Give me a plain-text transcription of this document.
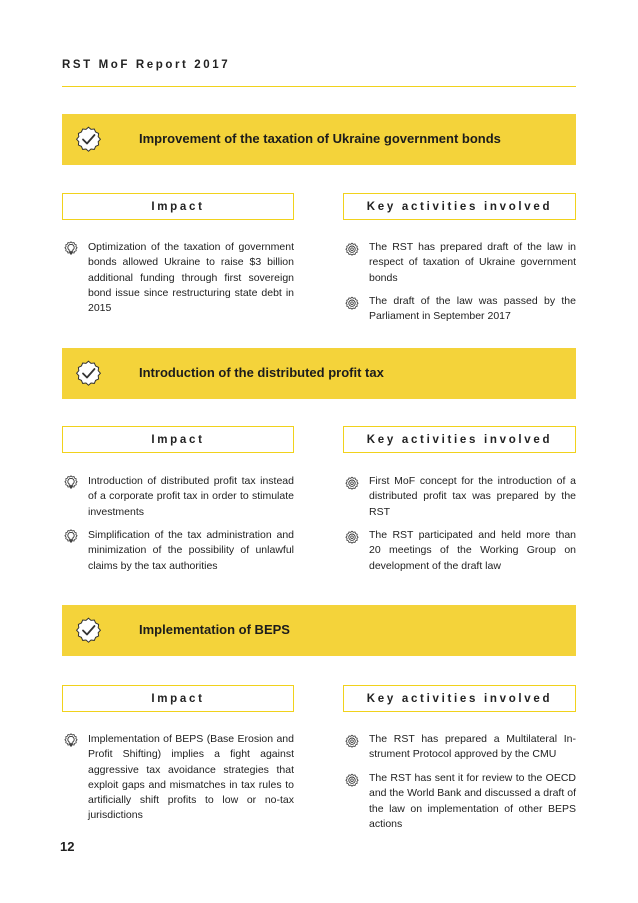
RST MoF Report 2017
Improvement of the taxation of Ukraine government bonds
Impact	Key activities involved
Optimization of the taxation of government bonds allowed Ukraine to raise $3 billion additional funding through first sovereign bond issue since restructuring state debt in 2015
The RST has prepared draft of the law in respect of taxation of Ukraine government bonds
The draft of the law was passed by the Parliament in September 2017
Introduction of the distributed profit tax
Impact	Key activities involved
Introduction of distributed profit tax instead of a corporate profit tax in order to stimulate investments
Simplification of the tax administration and minimization of the possibility of unlawful claims by the tax authorities
First MoF concept for the introduction of a distributed profit tax was prepared by the RST
The RST participated and held more than 20 meetings of the Working Group on development of the draft law
Implementation of BEPS
Impact	Key activities involved
Implementation of BEPS (Base Erosion and Profit Shifting) implies a fight against aggressive tax avoidance strategies that exploit gaps and mismatches in tax rules to artificially shift profits to low or no-tax jurisdictions
The RST has prepared a Multilateral Instrument Protocol approved by the CMU
The RST has sent it for review to the OECD and the World Bank and discussed a draft of the law on implementation of other BEPS actions
12
